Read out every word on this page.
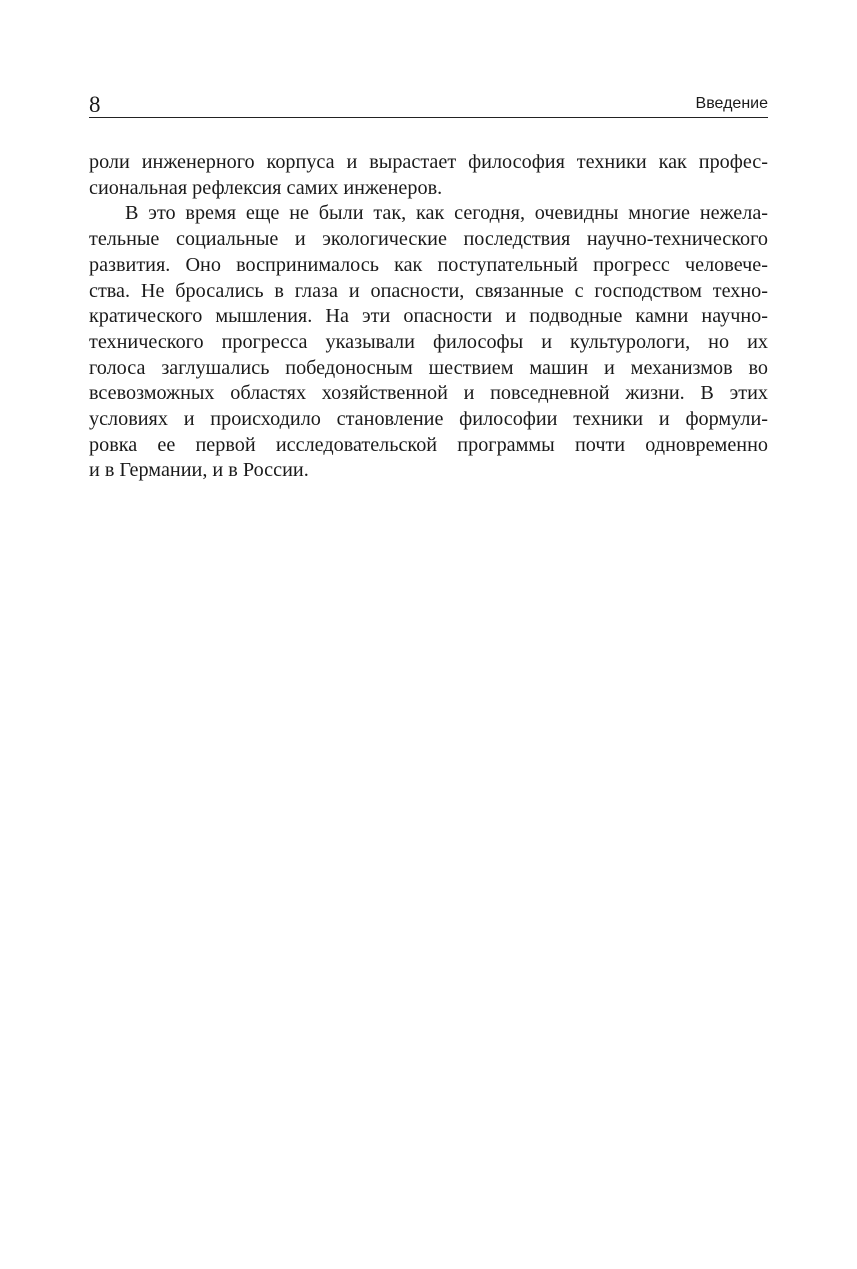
8	Введение
роли инженерного корпуса и вырастает философия техники как профес-
сиональная рефлексия самих инженеров.
В это время еще не были так, как сегодня, очевидны многие нежела-
тельные социальные и экологические последствия научно-технического
развития. Оно воспринималось как поступательный прогресс человече-
ства. Не бросались в глаза и опасности, связанные с господством техно-
кратического мышления. На эти опасности и подводные камни научно-
технического прогресса указывали философы и культурологи, но их
голоса заглушались победоносным шествием машин и механизмов во
всевозможных областях хозяйственной и повседневной жизни. В этих
условиях и происходило становление философии техники и формули-
ровка ее первой исследовательской программы почти одновременно
и в Германии, и в России.
